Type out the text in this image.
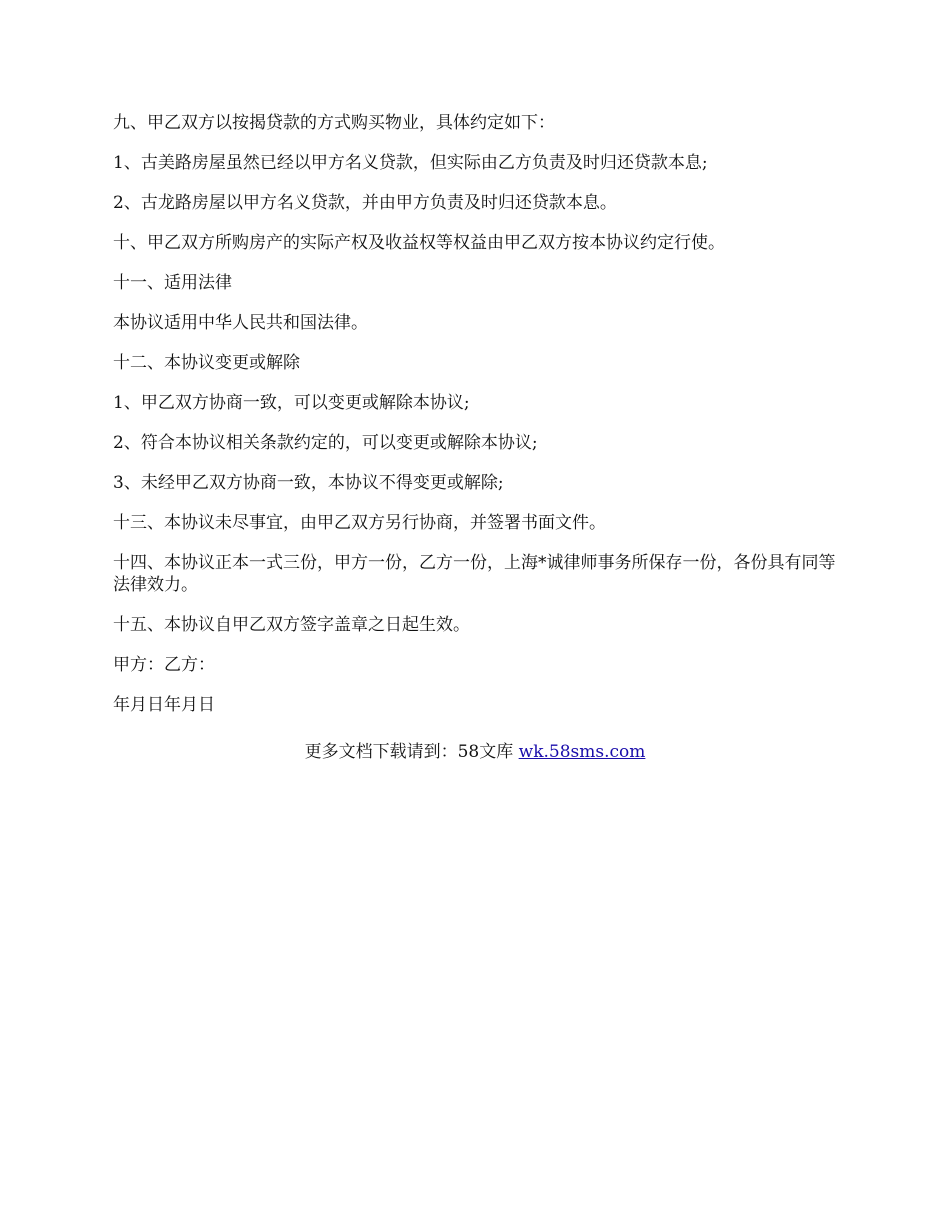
九、甲乙双方以按揭贷款的方式购买物业，具体约定如下：

1、古美路房屋虽然已经以甲方名义贷款，但实际由乙方负责及时归还贷款本息;

2、古龙路房屋以甲方名义贷款，并由甲方负责及时归还贷款本息。

十、甲乙双方所购房产的实际产权及收益权等权益由甲乙双方按本协议约定行使。

十一、适用法律

本协议适用中华人民共和国法律。

十二、本协议变更或解除

1、甲乙双方协商一致，可以变更或解除本协议;

2、符合本协议相关条款约定的，可以变更或解除本协议;

3、未经甲乙双方协商一致，本协议不得变更或解除;

十三、本协议未尽事宜，由甲乙双方另行协商，并签署书面文件。

十四、本协议正本一式三份，甲方一份，乙方一份，上海*诚律师事务所保存一份，各份具有同等法律效力。

十五、本协议自甲乙双方签字盖章之日起生效。

甲方：乙方：

年月日年月日

更多文档下载请到：58文库 wk.58sms.com
